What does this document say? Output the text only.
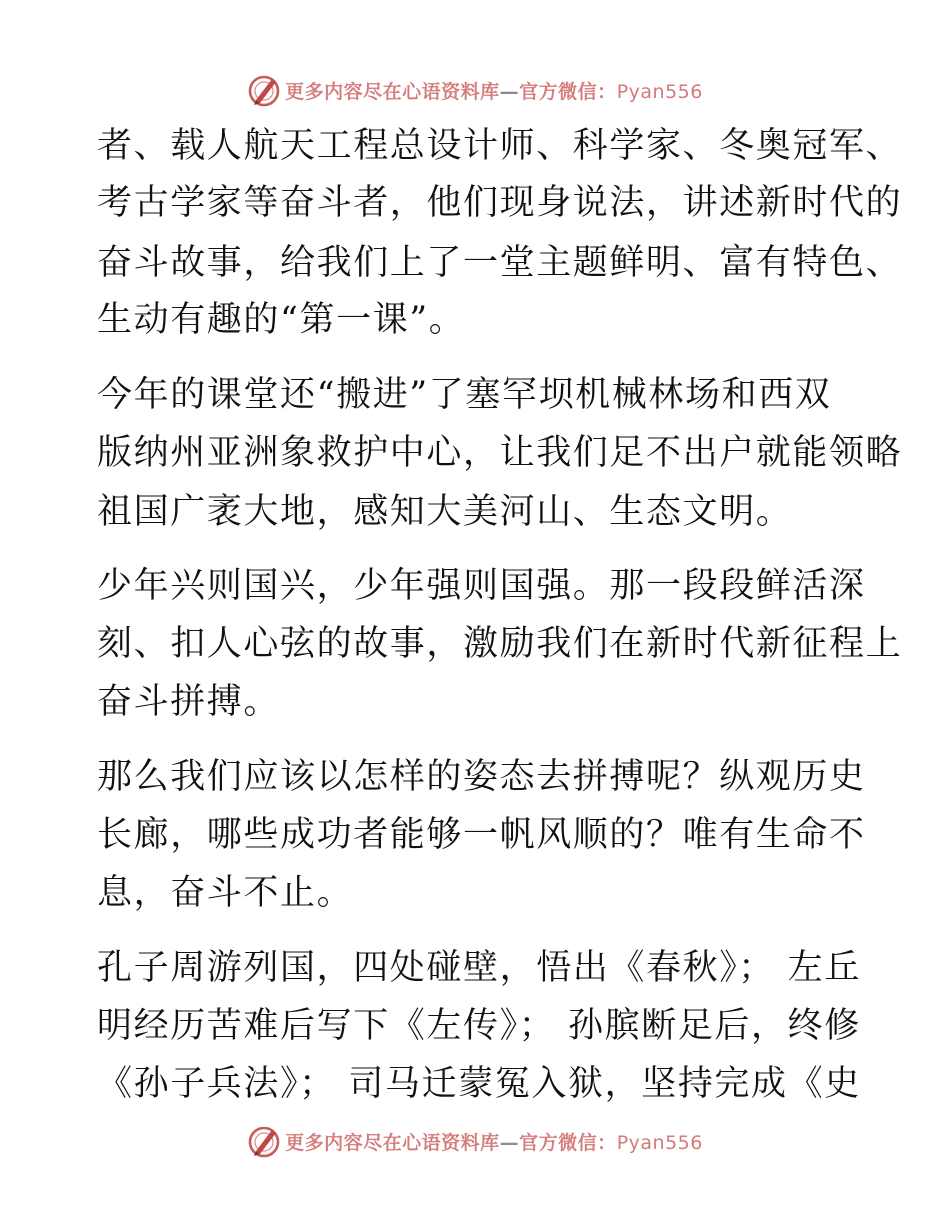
更多内容尽在心语资料库—官方微信：Pyan556

者、载人航天工程总设计师、科学家、冬奥冠军、

考古学家等奋斗者，他们现身说法，讲述新时代的

奋斗故事，给我们上了一堂主题鲜明、富有特色、

生动有趣的“第一课”。

今年的课堂还“搬进”了塞罕坝机械林场和西双

版纳州亚洲象救护中心，让我们足不出户就能领略

祖国广袤大地，感知大美河山、生态文明。

少年兴则国兴，少年强则国强。那一段段鲜活深

刻、扣人心弦的故事，激励我们在新时代新征程上

奋斗拼搏。

那么我们应该以怎样的姿态去拼搏呢？纵观历史

长廊，哪些成功者能够一帆风顺的？唯有生命不

息，奋斗不止。

孔子周游列国，四处碰壁，悟出《春秋》； 左丘

明经历苦难后写下《左传》； 孙膑断足后，终修

《孙子兵法》； 司马迁蒙冤入狱，坚持完成《史

更多内容尽在心语资料库—官方微信：Pyan556
